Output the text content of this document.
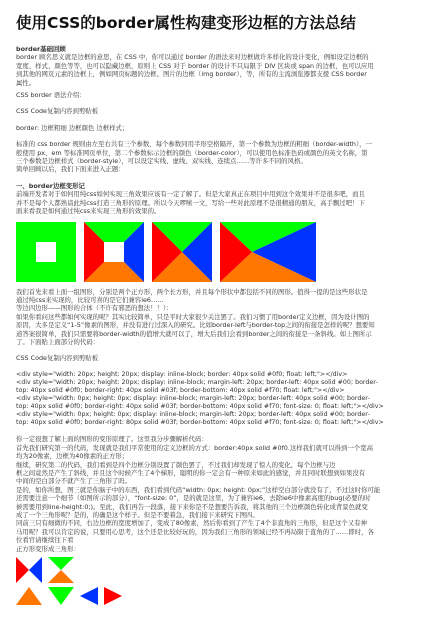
使用CSS的border属性构建变形边框的方法总结

border基础回顾

border 顾名思义就是边框的意思，在 CSS 中，你可以通过 border 的语法来对边框做许多样化的设计变化，例如设定边框的

宽度、样式、颜色等等，也可以隐藏边框，原则上 CSS 对于 border 的设计不只局限于 DIV 区块或 span 的边框，也可以应用

到其他的网页元素的边框上，例如网页标题的边框、图片的边框（img border），等，所有的主流浏览器都支援 CSS border

属性。

CSS border 语法介绍：

CSS Code复制内容到剪贴板

border: 边框粗细 边框颜色 边框样式；

标准的 css border 规则由左至右共有三个参数，每个参数同用半形空格隔开，第一个参数为边框的粗细（border-width），一

般使用 px、em 等标准网页单位，第二个参数标示边框的颜色（border-color），可以使用色标准色码或颜色的英文名称，第

三个参数是边框样式（border-style），可以设定实线、虚线、双实线、连续点……等许多不同的风格。

简单回顾以后，我们下面来进入正题：

一、border边框变形记

前端开发者对于如何用纯css如何实现三角效果应该有一定了解了。但是大家真正在项目中用到这个效果并不是很多吧，而且

并不是每个人都熟谙此纯css打造三角形的原理。所以今天啰嗦一文，写给一些对此原理不是很精通的朋友，高手飘过吧！下

面来看我是如何通过纯css来实现三角形的效果的。

我们首先来看上面一组图形，分别是两个正方形，两个长方形，并且每个形状中都包括不同的图形。值得一提的是这些形状是

通过纯css来实现的，比较可喜的是它们兼容ie6……

等边四边形——图形的合体（不许有邪恶的想法！！）：

如果你看问这些都如何实现的呢？其实比较简单，只是平时大家很少关注罢了。我们习惯了用border定义边框，因为设计图的

原因，大多是定义“1-5”像素的图形，并没有进行过深入的研究。比如border-left与border-top之间的衔接是怎样的呢？想要知

道答案很简单，我们只需要将border-width的值增大就可以了，增大后我们会看到border之间的衔接是一条斜线。如上图所示

了。下面贴上面部分的代码：

CSS Code复制内容到剪贴板

<div style="width: 20px; height: 20px; display: inline-block; border: 40px solid #0f0; float: left;"></div>

<div style="width: 20px; height: 20px; display: inline-block; margin-left: 20px; border-left: 40px solid #00; border-

top: 40px solid #0f0; border-right: 40px solid #03f; border-bottom: 40px solid #f70; float: left;"></div>

<div style="width: 0px; height: 0px; display: inline-block; margin-left: 20px; border-left: 40px solid #00; border-

top: 40px solid #0f0; border-right: 40px solid #03f; border-bottom: 40px solid #f70; font-size: 0; float: left;"></div>

<div style="width: 0px; height: 0px; display: inline-block; margin-left: 20px; border-left: 40px solid #00; border-

top: 40px solid #0f0; border-right: 80px solid #03f; border-bottom: 40px solid #f70; font-size: 0; float: left;"></div>

你一定很想了解上面的图形的变形原理了。这里我分步骤解析代码：

首先我们研究第一的代码，发现就是我们平常使用的定义边框的方式：border:40px solid #0f0.这样我们就可以得到一个宽高

均为20像素，边框为40像素的正方形；

继续，研究第二的代码，我们看到是四个边框分别设置了颜色罢了，不过我们却发现了惊人的变化，每个边框与边

框之间竟然是产生了斜线，并且这个时候产生了4个梯形，聪明的你一定会有一种原来如此的感觉，并且同时联想到如果没有

中间的空白部分不就产生了三角形了吗。

是的，如你所想，图三就是你脑子中的东西，我们看到代码“width: 0px; height: 0px;”这样空白部分就没有了，不过这时你可能

还需要注意一个细节（如图所示的部分），“font-size: 0”，是的就是这里，为了兼容ie6，去除ie6中像素高度的bug(必要的时

候需要用到line-height:0;)。至此，我们再告一段落，接下来你是不是想要告诉我，将其他的三个边框颜色转化成背景色就变

成了一个三角形呢？是的，的确是这个样子。但是不要着急，我们接下来研究下图四。

同前三只有细微的不同，右边边框的宽度增加了，变成了80像素，然后你看到了产生了4个非直角的三角形，但是这个又有神

马用呢？我可以肯定的说，只要用心思考，这个还是比较好玩的，因为我们三角形的领域已经不再局限于直角的了……即时，各

位看官请继续往下看

正方形变形成三角形：
